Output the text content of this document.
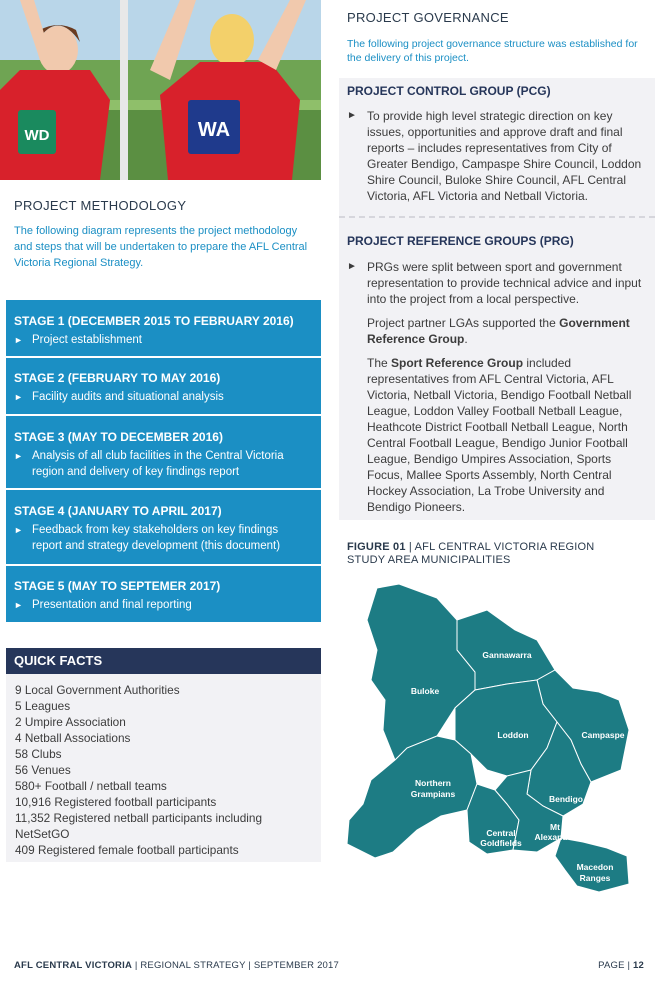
WD	WA
PROJECT METHODOLOGY

The following diagram represents the project methodology and steps that will be undertaken to prepare the AFL Central Victoria Regional Strategy.

STAGE 1 (DECEMBER 2015 TO FEBRUARY 2016)
► Project establishment
STAGE 2 (FEBRUARY TO MAY 2016)
► Facility audits and situational analysis
STAGE 3 (MAY TO DECEMBER 2016)
► Analysis of all club facilities in the Central Victoria
region and delivery of key findings report
STAGE 4 (JANUARY TO APRIL 2017)
► Feedback from key stakeholders on key findings
report and strategy development (this document)
STAGE 5 (MAY TO SEPTEMER 2017)
► Presentation and final reporting
QUICK FACTS
9 Local Government Authorities
5 Leagues
2 Umpire Association
4 Netball Associations
58 Clubs
56 Venues
580+ Football / netball teams
10,916 Registered football participants
11,352 Registered netball participants including
NetSetGO
409 Registered female football participants
PROJECT GOVERNANCE

The following project governance structure was established for the delivery of this project.

PROJECT CONTROL GROUP (PCG)
► To provide high level strategic direction on key issues, opportunities and approve draft and final reports – includes representatives from City of Greater Bendigo, Campaspe Shire Council, Loddon Shire Council, Buloke Shire Council, AFL Central Victoria, AFL Victoria and Netball Victoria.
PROJECT REFERENCE GROUPS (PRG)
► PRGs were split between sport and government representation to provide technical advice and input into the project from a local perspective.
Project partner LGAs supported the Government Reference Group.
The Sport Reference Group included representatives from AFL Central Victoria, AFL Victoria, Netball Victoria, Bendigo Football Netball League, Loddon Valley Football Netball League, Heathcote District Football Netball League, North Central Football League, Bendigo Junior Football League, Bendigo Umpires Association, Sports Focus, Mallee Sports Assembly, North Central Hockey Association, La Trobe University and Bendigo Pioneers.
FIGURE 01 | AFL CENTRAL VICTORIA REGION
STUDY AREA MUNICIPALITIES
Gannawarra
Buloke
Loddon	Campaspe
Northern
Grampians	Bendigo
Central
Goldfields
Mt
Alexander
Macedon
Ranges
AFL CENTRAL VICTORIA | REGIONAL STRATEGY | SEPTEMBER 2017	PAGE | 12
